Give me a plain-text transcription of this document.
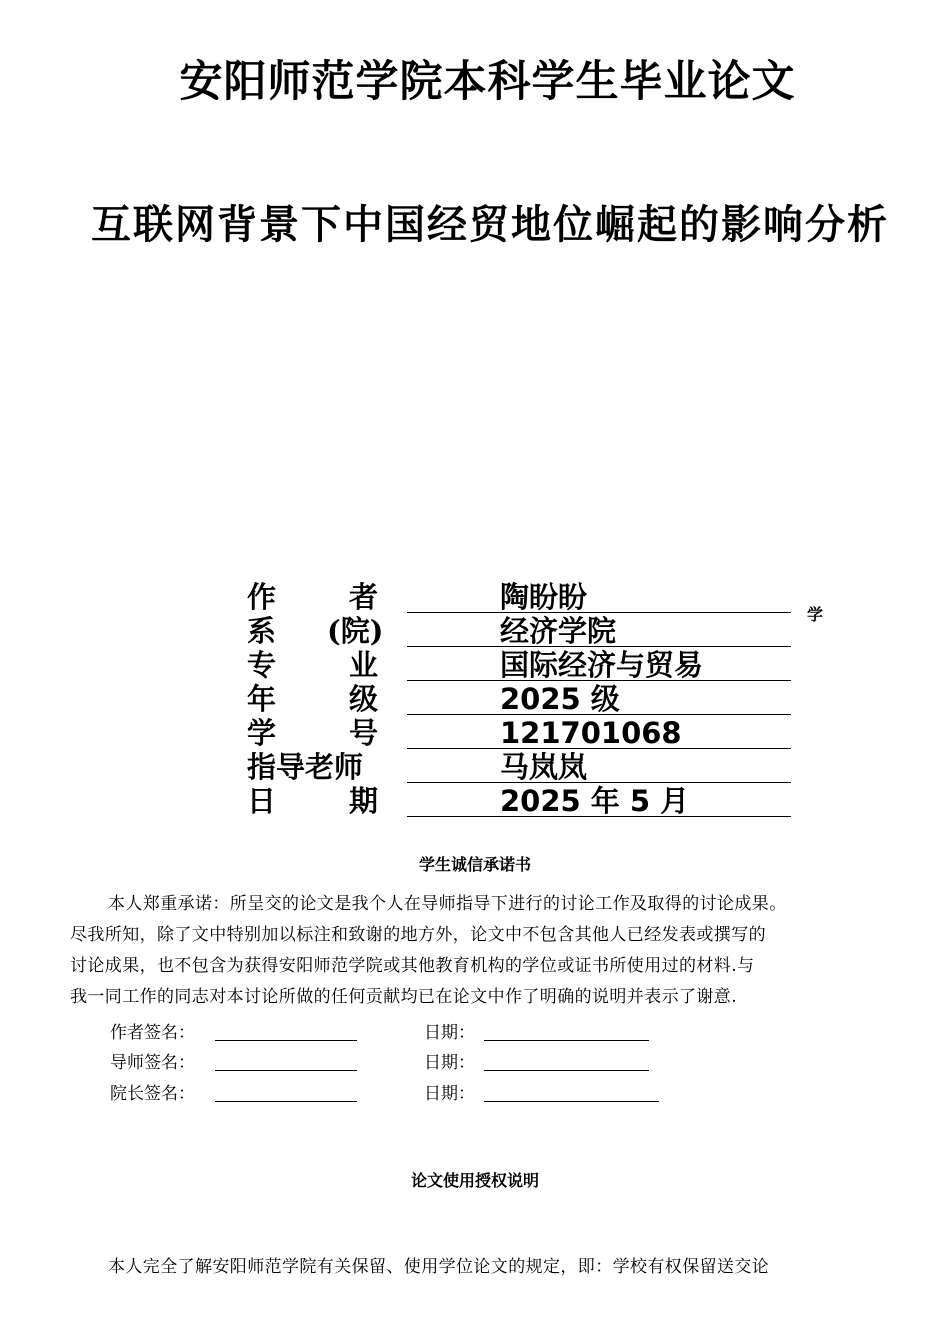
安阳师范学院本科学生毕业论文
互联网背景下中国经贸地位崛起的影响分析
作	者	陶盼盼
系 (院)	经济学院
专	业	国际经济与贸易
年	级	2025 级
学	号	121701068
指导老师	马岚岚
日	期	2025 年 5 月
学
学生诚信承诺书
本人郑重承诺：所呈交的论文是我个人在导师指导下进行的讨论工作及取得的讨论成果。
尽我所知，除了文中特别加以标注和致谢的地方外，论文中不包含其他人已经发表或撰写的
讨论成果，也不包含为获得安阳师范学院或其他教育机构的学位或证书所使用过的材料.与
我一同工作的同志对本讨论所做的任何贡献均已在论文中作了明确的说明并表示了谢意.
作者签名：	日期：
导师签名：	日期：
院长签名：	日期：
论文使用授权说明
本人完全了解安阳师范学院有关保留、使用学位论文的规定，即：学校有权保留送交论
